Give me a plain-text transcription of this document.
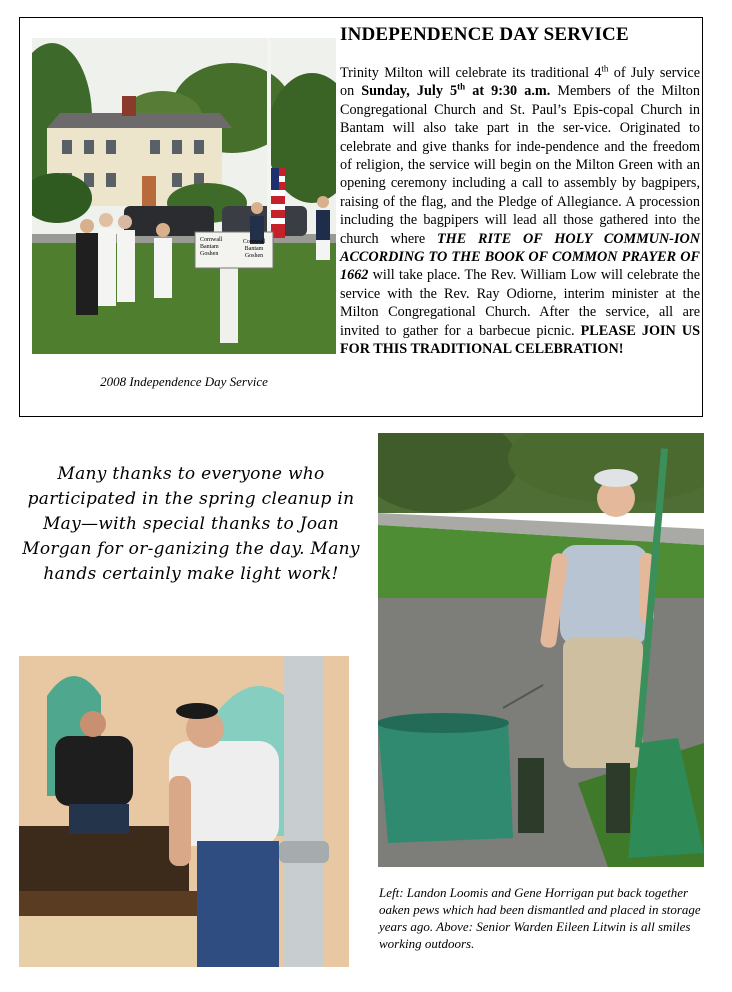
Cornwall
Bantam
Goshen
Cornwall
Bantam
Goshen
2008 Independence Day Service
INDEPENDENCE DAY SERVICE

Trinity Milton will celebrate its traditional 4th of July service on Sunday, July 5th at 9:30 a.m. Members of the Milton Congregational Church and St. Paul’s Epis-copal Church in Bantam will also take part in the ser-vice. Originated to celebrate and give thanks for inde-pendence and the freedom of religion, the service will begin on the Milton Green with an opening ceremony including a call to assembly by bagpipers, raising of the flag, and the Pledge of Allegiance. A procession including the bagpipers will lead all those gathered into the church where THE RITE OF HOLY COMMUN-ION ACCORDING TO THE BOOK OF COMMON PRAYER OF 1662 will take place. The Rev. William Low will celebrate the service with the Rev. Ray Odiorne, interim minister at the Milton Congregational Church. After the service, all are invited to gather for a barbecue picnic. PLEASE JOIN US FOR THIS TRADITIONAL CELEBRATION!

Many thanks to everyone who participated in the spring cleanup in May—with special thanks to Joan Morgan for or-ganizing the day. Many hands certainly make light work!
Left: Landon Loomis and Gene Horrigan put back together oaken pews which had been dismantled and placed in storage years ago. Above: Senior Warden Eileen Litwin is all smiles working outdoors.
